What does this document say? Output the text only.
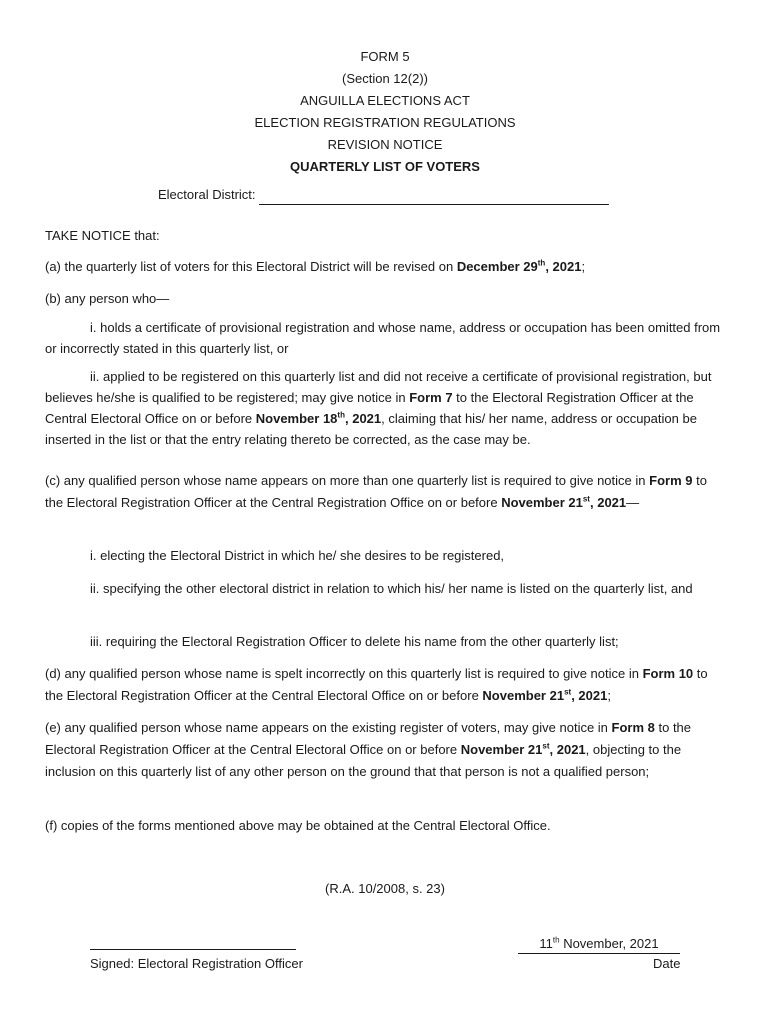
FORM 5
(Section 12(2))
ANGUILLA ELECTIONS ACT
ELECTION REGISTRATION REGULATIONS
REVISION NOTICE
QUARTERLY LIST OF VOTERS
Electoral District:
TAKE NOTICE that:
(a) the quarterly list of voters for this Electoral District will be revised on December 29th, 2021;
(b) any person who—
i. holds a certificate of provisional registration and whose name, address or occupation has been omitted from or incorrectly stated in this quarterly list, or
ii. applied to be registered on this quarterly list and did not receive a certificate of provisional registration, but believes he/she is qualified to be registered; may give notice in Form 7 to the Electoral Registration Officer at the Central Electoral Office on or before November 18th, 2021, claiming that his/ her name, address or occupation be inserted in the list or that the entry relating thereto be corrected, as the case may be.
(c) any qualified person whose name appears on more than one quarterly list is required to give notice in Form 9 to the Electoral Registration Officer at the Central Registration Office on or before November 21st, 2021—
i. electing the Electoral District in which he/ she desires to be registered,
ii. specifying the other electoral district in relation to which his/ her name is listed on the quarterly list, and
iii. requiring the Electoral Registration Officer to delete his name from the other quarterly list;
(d) any qualified person whose name is spelt incorrectly on this quarterly list is required to give notice in Form 10 to the Electoral Registration Officer at the Central Electoral Office on or before November 21st, 2021;
(e) any qualified person whose name appears on the existing register of voters, may give notice in Form 8 to the Electoral Registration Officer at the Central Electoral Office on or before November 21st, 2021, objecting to the inclusion on this quarterly list of any other person on the ground that that person is not a qualified person;
(f) copies of the forms mentioned above may be obtained at the Central Electoral Office.
(R.A. 10/2008, s. 23)
Signed: Electoral Registration Officer
11th November, 2021
Date
